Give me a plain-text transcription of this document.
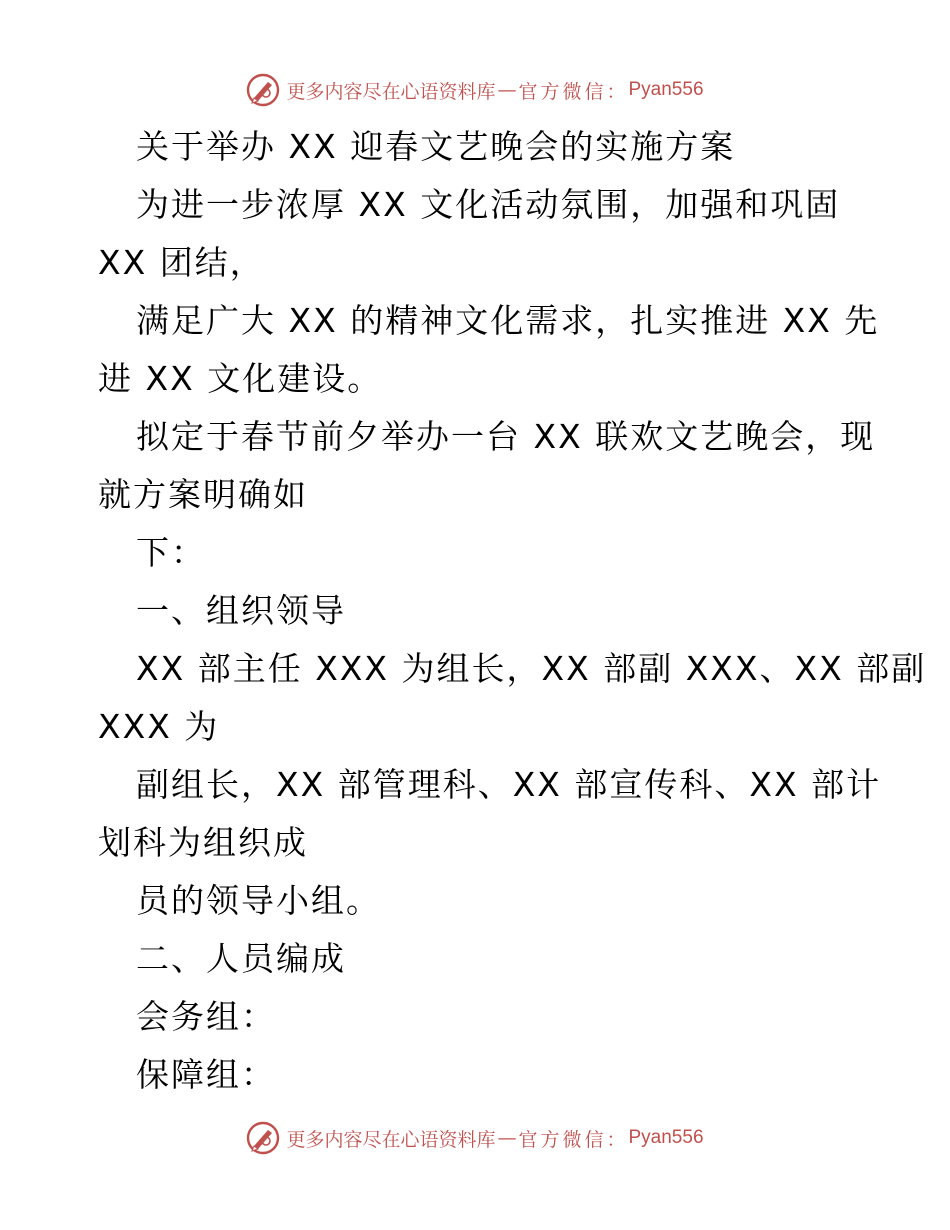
更多内容尽在心语资料库 — 官方微信： Pyan556
关于举办 XX 迎春文艺晚会的实施方案
为进一步浓厚 XX 文化活动氛围，加强和巩固
XX 团结，
满足广大 XX 的精神文化需求，扎实推进 XX 先
进 XX 文化建设。
拟定于春节前夕举办一台 XX 联欢文艺晚会，现
就方案明确如
下：
一、组织领导
XX 部主任 XXX 为组长，XX 部副 XXX、XX 部副
XXX 为
副组长，XX 部管理科、XX 部宣传科、XX 部计
划科为组织成
员的领导小组。
二、人员编成
会务组：
保障组：
更多内容尽在心语资料库 — 官方微信： Pyan556
